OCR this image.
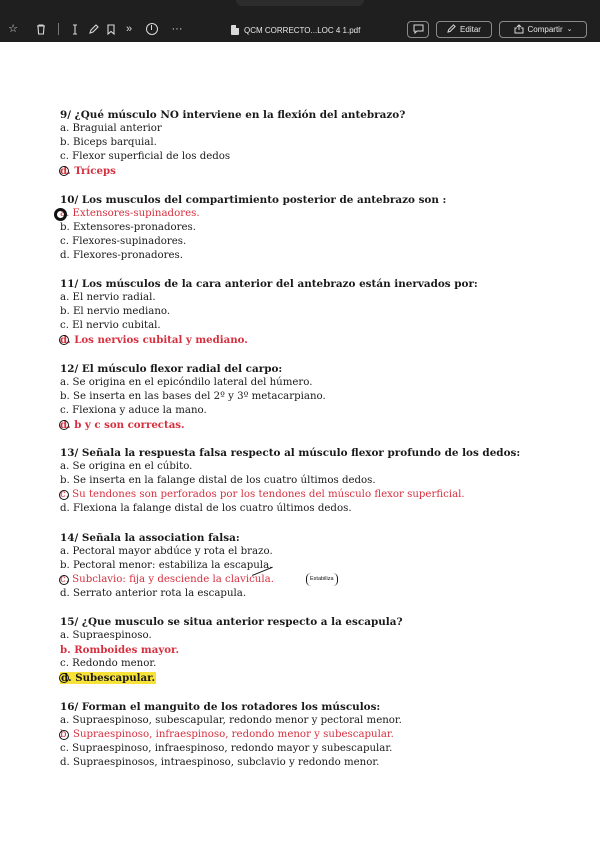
☆	»	···	QCM CORRECTO...LOC 4 1.pdf	Editar	Compartir ⌄
9/ ¿Qué músculo NO interviene en la flexión del antebrazo?
a. Braguial anterior
b. Biceps barquial.
c. Flexor superficial de los dedos
d. Tríceps
10/ Los musculos del compartimiento posterior de antebrazo son :
a. Extensores-supinadores.
b. Extensores-pronadores.
c. Flexores-supinadores.
d. Flexores-pronadores.
11/ Los músculos de la cara anterior del antebrazo están inervados por:
a. El nervio radial.
b. El nervio mediano.
c. El nervio cubital.
d. Los nervios cubital y mediano.
12/ El músculo flexor radial del carpo:
a. Se origina en el epicóndilo lateral del húmero.
b. Se inserta en las bases del 2º y 3º metacarpiano.
c. Flexiona y aduce la mano.
d. b y c son correctas.
13/ Señala la respuesta falsa respecto al músculo flexor profundo de los dedos:
a. Se origina en el cúbito.
b. Se inserta en la falange distal de los cuatro últimos dedos.
c. Su tendones son perforados por los tendones del músculo flexor superficial.
d. Flexiona la falange distal de los cuatro últimos dedos.
14/ Señala la association falsa:
a. Pectoral mayor abdúce y rota el brazo.
b. Pectoral menor: estabiliza la escapula.
c. Subclavio: fija y desciende la clavicula.	Estabiliza
d. Serrato anterior rota la escapula.
15/ ¿Que musculo se situa anterior respecto a la escapula?
a. Supraespinoso.
b. Romboides mayor.
c. Redondo menor.
d. Subescapular.
16/ Forman el manguito de los rotadores los músculos:
a. Supraespinoso, subescapular, redondo menor y pectoral menor.
b. Supraespinoso, infraespinoso, redondo menor y subescapular.
c. Supraespinoso, infraespinoso, redondo mayor y subescapular.
d. Supraespinosos, intraespinoso, subclavio y redondo menor.
